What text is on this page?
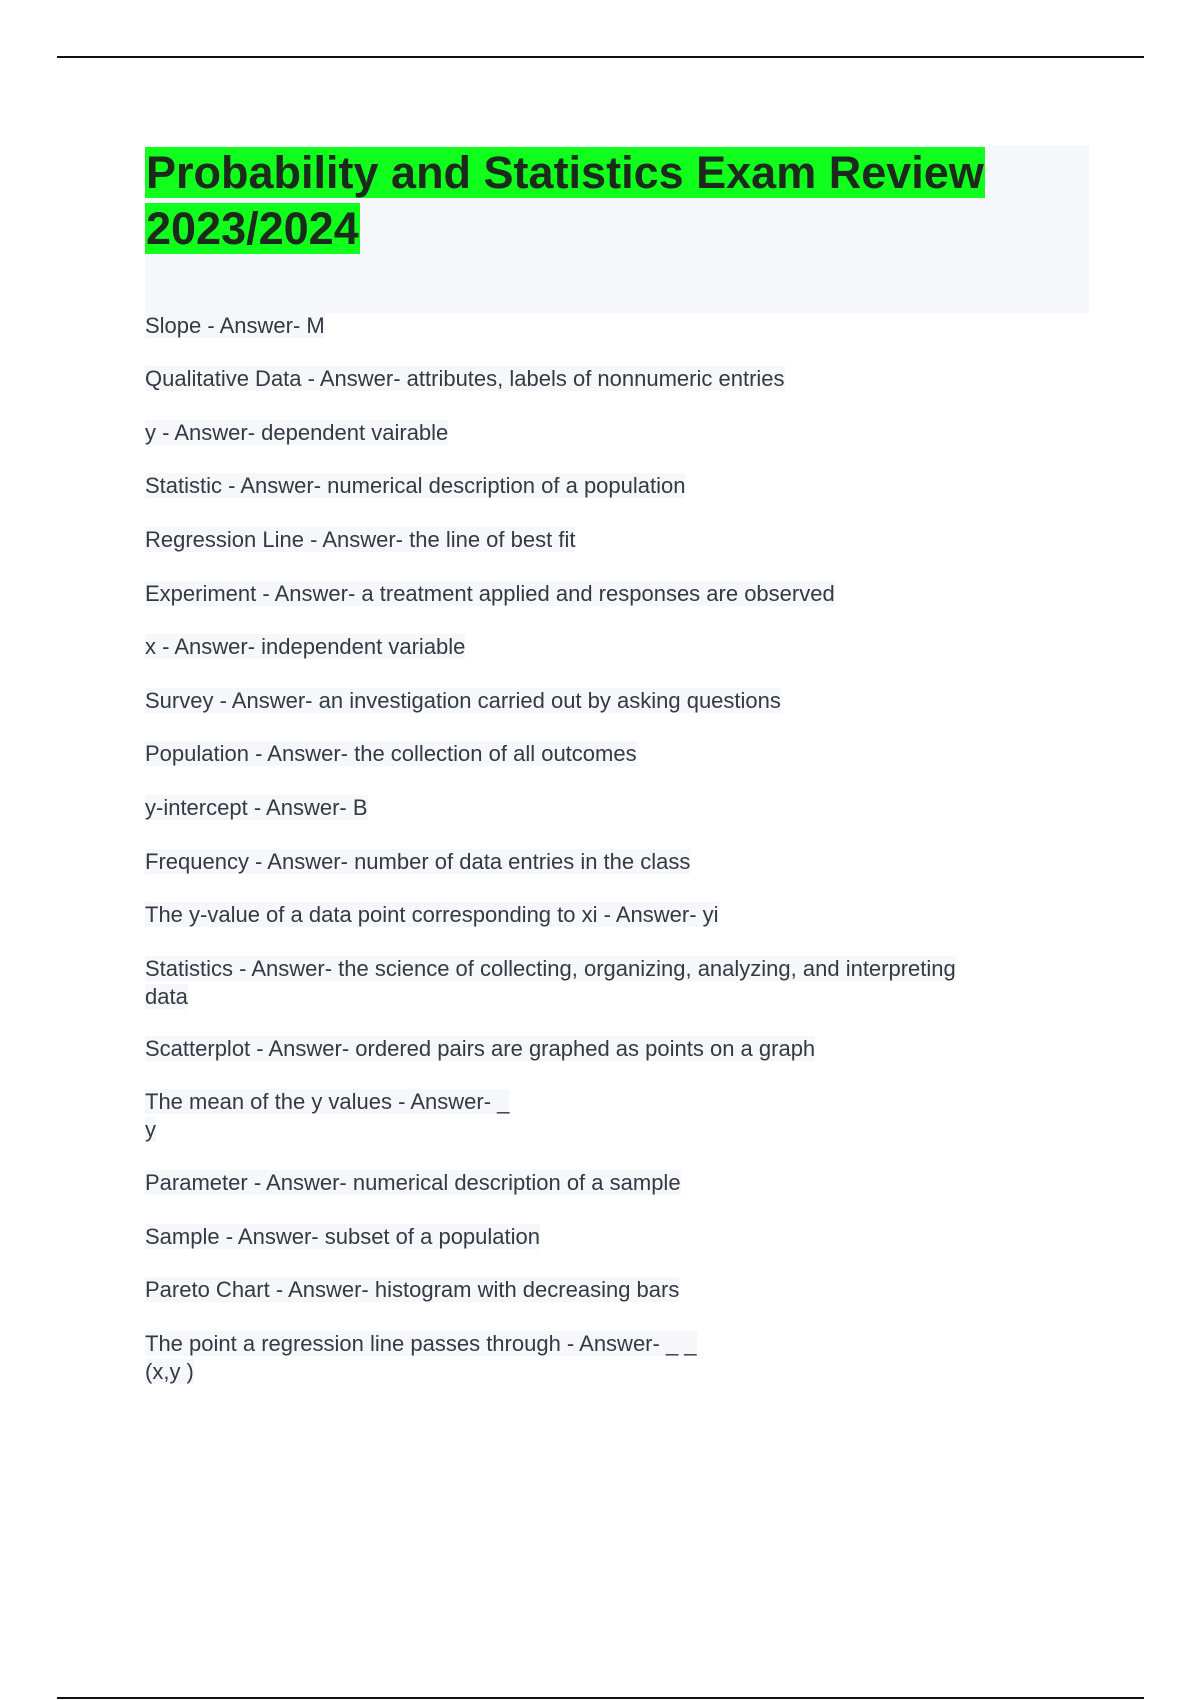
Probability and Statistics Exam Review
2023/2024
Slope - Answer- M
Qualitative Data - Answer- attributes, labels of nonnumeric entries
y - Answer- dependent vairable
Statistic - Answer- numerical description of a population
Regression Line - Answer- the line of best fit
Experiment - Answer- a treatment applied and responses are observed
x - Answer- independent variable
Survey - Answer- an investigation carried out by asking questions
Population - Answer- the collection of all outcomes
y-intercept - Answer- B
Frequency - Answer- number of data entries in the class
The y-value of a data point corresponding to xi - Answer- yi
Statistics - Answer- the science of collecting, organizing, analyzing, and interpreting
data
Scatterplot - Answer- ordered pairs are graphed as points on a graph
The mean of the y values - Answer- _
y
Parameter - Answer- numerical description of a sample
Sample - Answer- subset of a population
Pareto Chart - Answer- histogram with decreasing bars
The point a regression line passes through - Answer- _ _
(x,y )
